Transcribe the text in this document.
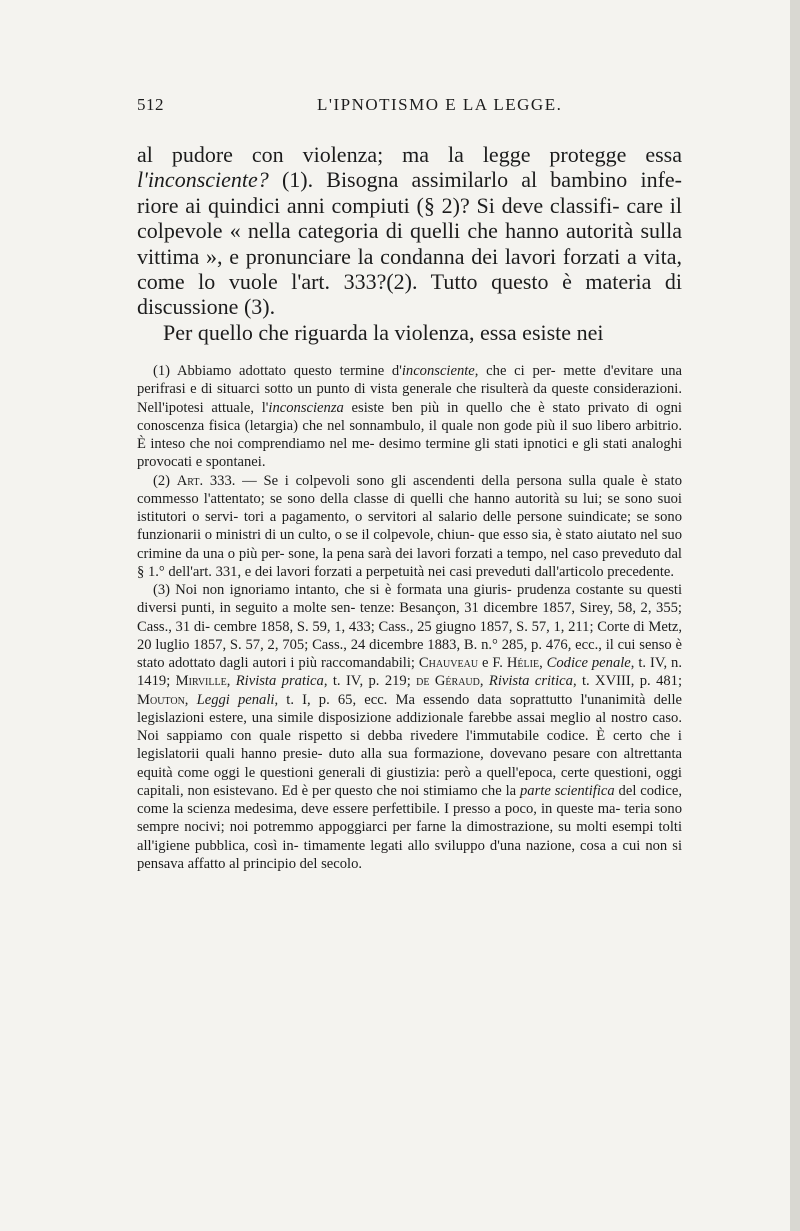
512	L'IPNOTISMO E LA LEGGE.

al pudore con violenza; ma la legge protegge essa l'inconsciente? (1). Bisogna assimilarlo al bambino infe- riore ai quindici anni compiuti (§ 2)? Si deve classifi- care il colpevole « nella categoria di quelli che hanno autorità sulla vittima », e pronunciare la condanna dei lavori forzati a vita, come lo vuole l'art. 333?(2). Tutto questo è materia di discussione (3).

Per quello che riguarda la violenza, essa esiste nei

(1) Abbiamo adottato questo termine d'inconsciente, che ci per- mette d'evitare una perifrasi e di situarci sotto un punto di vista generale che risulterà da queste considerazioni. Nell'ipotesi attuale, l'inconscienza esiste ben più in quello che è stato privato di ogni conoscenza fisica (letargia) che nel sonnambulo, il quale non gode più il suo libero arbitrio. È inteso che noi comprendiamo nel me- desimo termine gli stati ipnotici e gli stati analoghi provocati e spontanei.

(2) Art. 333. — Se i colpevoli sono gli ascendenti della persona sulla quale è stato commesso l'attentato; se sono della classe di quelli che hanno autorità su lui; se sono suoi istitutori o servi- tori a pagamento, o servitori al salario delle persone suindicate; se sono funzionarii o ministri di un culto, o se il colpevole, chiun- que esso sia, è stato aiutato nel suo crimine da una o più per- sone, la pena sarà dei lavori forzati a tempo, nel caso preveduto dal § 1.° dell'art. 331, e dei lavori forzati a perpetuità nei casi preveduti dall'articolo precedente.

(3) Noi non ignoriamo intanto, che si è formata una giuris- prudenza costante su questi diversi punti, in seguito a molte sen- tenze: Besançon, 31 dicembre 1857, Sirey, 58, 2, 355; Cass., 31 di- cembre 1858, S. 59, 1, 433; Cass., 25 giugno 1857, S. 57, 1, 211; Corte di Metz, 20 luglio 1857, S. 57, 2, 705; Cass., 24 dicembre 1883, B. n.° 285, p. 476, ecc., il cui senso è stato adottato dagli autori i più raccomandabili; Chauveau e F. Hélie, Codice penale, t. IV, n. 1419; Mirville, Rivista pratica, t. IV, p. 219; de Géraud, Rivista critica, t. XVIII, p. 481; Mouton, Leggi penali, t. I, p. 65, ecc. Ma essendo data soprattutto l'unanimità delle legislazioni estere, una simile disposizione addizionale farebbe assai meglio al nostro caso. Noi sappiamo con quale rispetto si debba rivedere l'immutabile codice. È certo che i legislatorii quali hanno presie- duto alla sua formazione, dovevano pesare con altrettanta equità come oggi le questioni generali di giustizia: però a quell'epoca, certe questioni, oggi capitali, non esistevano. Ed è per questo che noi stimiamo che la parte scientifica del codice, come la scienza medesima, deve essere perfettibile. I presso a poco, in queste ma- teria sono sempre nocivi; noi potremmo appoggiarci per farne la dimostrazione, su molti esempi tolti all'igiene pubblica, così in- timamente legati allo sviluppo d'una nazione, cosa a cui non si pensava affatto al principio del secolo.
